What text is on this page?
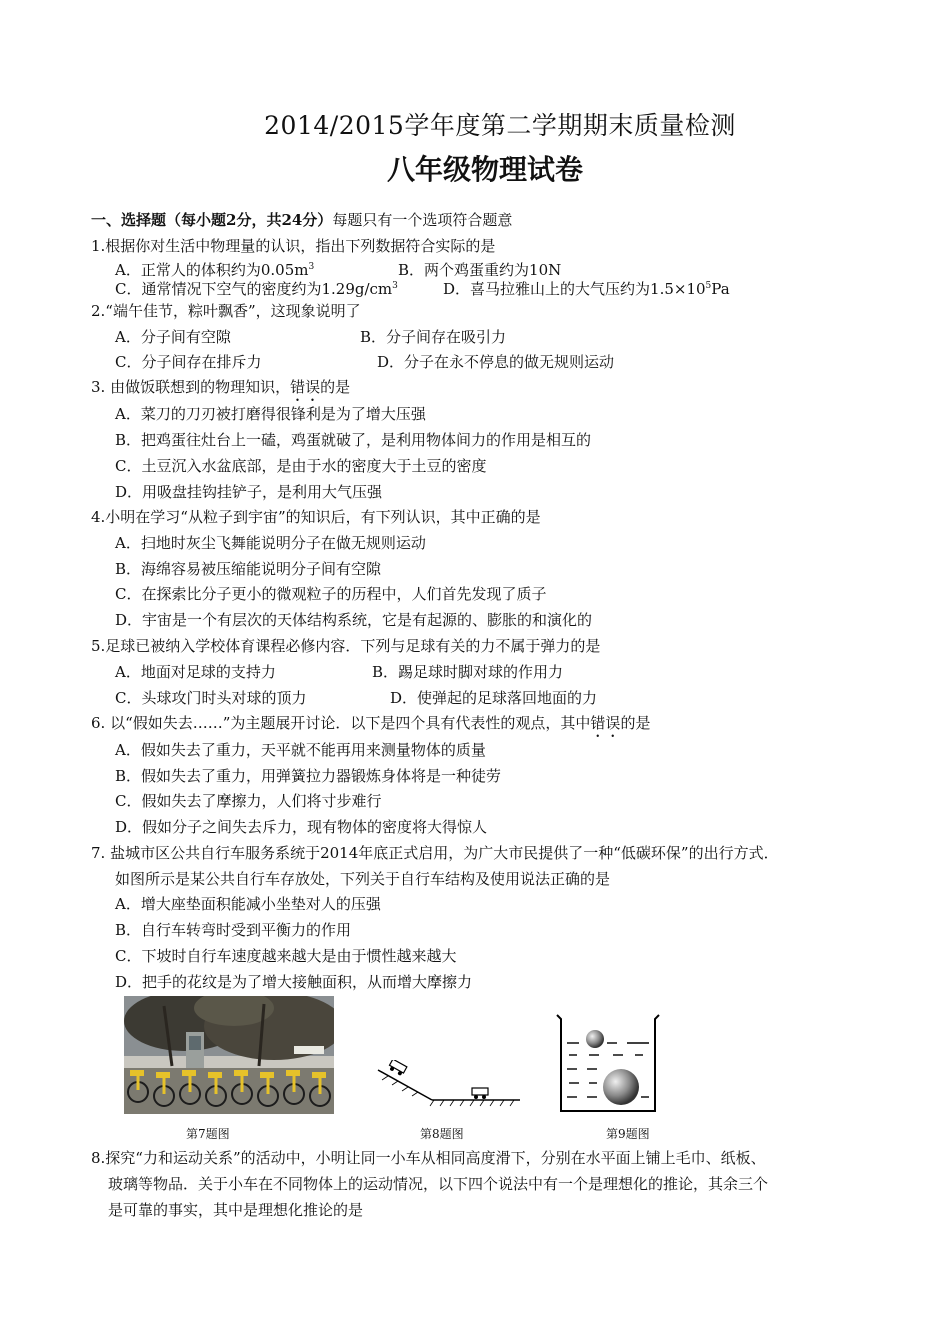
2014/2015学年度第二学期期末质量检测
八年级物理试卷
一、选择题（每小题2分，共24分）每题只有一个选项符合题意
1.根据你对生活中物理量的认识，指出下列数据符合实际的是
A．正常人的体积约为$0.05m^3$	B．两个鸡蛋重约为10N
C．通常情况下空气的密度约为$1.29g/cm^3$	D．喜马拉雅山上的大气压约为$1.5\times 10^5Pa$
2.“端午佳节，粽叶飘香”，这现象说明了
A．分子间有空隙	B．分子间存在吸引力
C．分子间存在排斥力	D．分子在永不停息的做无规则运动
3. 由做饭联想到的物理知识，错误的是
A．菜刀的刀刃被打磨得很锋利是为了增大压强
B．把鸡蛋往灶台上一磕，鸡蛋就破了，是利用物体间力的作用是相互的
C．土豆沉入水盆底部，是由于水的密度大于土豆的密度
D．用吸盘挂钩挂铲子，是利用大气压强
4.小明在学习“从粒子到宇宙”的知识后，有下列认识，其中正确的是
A．扫地时灰尘飞舞能说明分子在做无规则运动
B．海绵容易被压缩能说明分子间有空隙
C．在探索比分子更小的微观粒子的历程中，人们首先发现了质子
D．宇宙是一个有层次的天体结构系统，它是有起源的、膨胀的和演化的
5.足球已被纳入学校体育课程必修内容．下列与足球有关的力不属于弹力的是
A．地面对足球的支持力	B．踢足球时脚对球的作用力
C．头球攻门时头对球的顶力	D．使弹起的足球落回地面的力
6. 以“假如失去……”为主题展开讨论．以下是四个具有代表性的观点，其中错误的是
A．假如失去了重力，天平就不能再用来测量物体的质量
B．假如失去了重力，用弹簧拉力器锻炼身体将是一种徒劳
C．假如失去了摩擦力，人们将寸步难行
D．假如分子之间失去斥力，现有物体的密度将大得惊人
7. 盐城市区公共自行车服务系统于2014年底正式启用，为广大市民提供了一种“低碳环保”的出行方式．
如图所示是某公共自行车存放处，下列关于自行车结构及使用说法正确的是
A．增大座垫面积能减小坐垫对人的压强
B．自行车转弯时受到平衡力的作用
C．下坡时自行车速度越来越大是由于惯性越来越大
D．把手的花纹是为了增大接触面积，从而增大摩擦力
第7题图	第8题图	第9题图
8.探究“力和运动关系”的活动中，小明让同一小车从相同高度滑下，分别在水平面上铺上毛巾、纸板、
玻璃等物品．关于小车在不同物体上的运动情况，以下四个说法中有一个是理想化的推论，其余三个
是可靠的事实，其中是理想化推论的是
